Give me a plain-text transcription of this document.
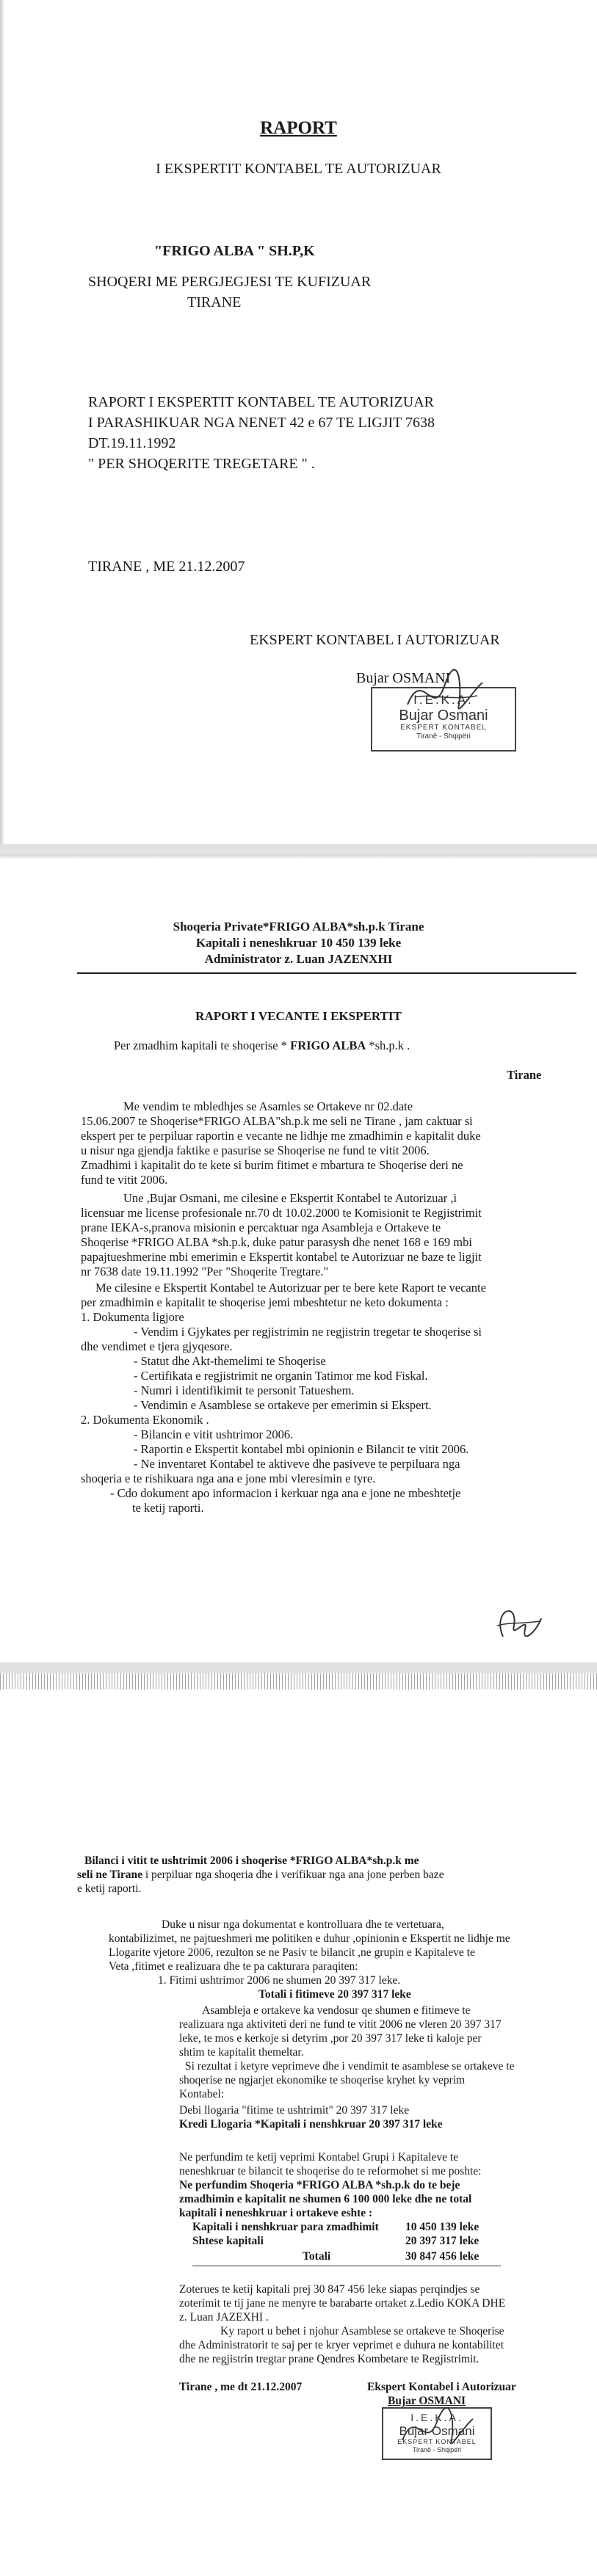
RAPORT
I EKSPERTIT KONTABEL TE AUTORIZUAR
"FRIGO ALBA " SH.P,K
SHOQERI ME PERGJEGJESI TE KUFIZUAR
TIRANE
RAPORT I EKSPERTIT KONTABEL TE AUTORIZUAR
I PARASHIKUAR NGA NENET 42 e 67 TE LIGJIT 7638
DT.19.11.1992
" PER SHOQERITE TREGETARE " .
TIRANE , ME 21.12.2007
EKSPERT KONTABEL I AUTORIZUAR
Bujar OSMANI
I.E.K.A.
Bujar Osmani
EKSPERT KONTABEL
Tiranë - Shqipëri
Shoqeria Private*FRIGO ALBA*sh.p.k Tirane
Kapitali i neneshkruar 10 450 139 leke
Administrator z. Luan JAZENXHI
RAPORT I VECANTE I EKSPERTIT
Per zmadhim kapitali te shoqerise * FRIGO ALBA *sh.p.k .
Tirane
Me vendim te mbledhjes se Asamles se Ortakeve nr 02.date
15.06.2007 te Shoqerise*FRIGO ALBA"sh.p.k me seli ne Tirane , jam caktuar si
ekspert per te perpiluar raportin e vecante ne lidhje me zmadhimin e kapitalit duke
u nisur nga gjendja faktike e pasurise se Shoqerise ne fund te vitit 2006.
Zmadhimi i kapitalit do te kete si burim fitimet e mbartura te Shoqerise deri ne
fund te vitit 2006.
Une ,Bujar Osmani, me cilesine e Ekspertit Kontabel te Autorizuar ,i
licensuar me license profesionale nr.70 dt 10.02.2000 te Komisionit te Regjistrimit
prane IEKA-s,pranova misionin e percaktuar nga Asambleja e Ortakeve te
Shoqerise *FRIGO ALBA *sh.p.k, duke patur parasysh dhe nenet 168 e 169 mbi
papajtueshmerine mbi emerimin e Ekspertit kontabel te Autorizuar ne baze te ligjit
nr 7638 date 19.11.1992 "Per "Shoqerite Tregtare."
Me cilesine e Ekspertit Kontabel te Autorizuar per te bere kete Raport te vecante
per zmadhimin e kapitalit te shoqerise jemi mbeshtetur ne keto dokumenta :
1. Dokumenta ligjore
- Vendim i Gjykates per regjistrimin ne regjistrin tregetar te shoqerise si
dhe vendimet e tjera gjyqesore.
- Statut dhe Akt-themelimi te Shoqerise
- Certifikata e regjistrimit ne organin Tatimor me kod Fiskal.
- Numri i identifikimit te personit Tatueshem.
- Vendimin e Asamblese se ortakeve per emerimin si Ekspert.
2. Dokumenta Ekonomik .
- Bilancin e vitit ushtrimor 2006.
- Raportin e Ekspertit kontabel mbi opinionin e Bilancit te vitit 2006.
- Ne inventaret Kontabel te aktiveve dhe pasiveve te perpiluara nga
shoqeria e te rishikuara nga ana e jone mbi vleresimin e tyre.
- Cdo dokument apo informacion i kerkuar nga ana e jone ne mbeshtetje
te ketij raporti.
Bilanci i vitit te ushtrimit 2006 i shoqerise *FRIGO ALBA*sh.p.k me
seli ne Tirane i perpiluar nga shoqeria dhe i verifikuar nga ana jone perben baze
e ketij raporti.
Duke u nisur nga dokumentat e kontrolluara dhe te vertetuara,
kontabilizimet, ne pajtueshmeri me politiken e duhur ,opinionin e Ekspertit ne lidhje me
Llogarite vjetore 2006, rezulton se ne Pasiv te bilancit ,ne grupin e Kapitaleve te
Veta ,fitimet e realizuara dhe te pa cakturara paraqiten:
1. Fitimi ushtrimor 2006 ne shumen 20 397 317 leke.
Totali i fitimeve 20 397 317 leke
Asambleja e ortakeve ka vendosur qe shumen e fitimeve te
realizuara nga aktiviteti deri ne fund te vitit 2006 ne vleren 20 397 317
leke, te mos e kerkoje si detyrim ,por 20 397 317 leke ti kaloje per
shtim te kapitalit themeltar.
Si rezultat i ketyre veprimeve dhe i vendimit te asamblese se ortakeve te
shoqerise ne ngjarjet ekonomike te shoqerise kryhet ky veprim
Kontabel:
Debi llogaria "fitime te ushtrimit" 20 397 317 leke
Kredi Llogaria *Kapitali i nenshkruar 20 397 317 leke
Ne perfundim te ketij veprimi Kontabel Grupi i Kapitaleve te
neneshkruar te bilancit te shoqerise do te reformohet si me poshte:
Ne perfundim Shoqeria *FRIGO ALBA *sh.p.k do te beje
zmadhimin e kapitalit ne shumen 6 100 000 leke dhe ne total
kapitali i neneshkruar i ortakeve eshte :
Kapitali i nenshkruar para zmadhimit 10 450 139 leke
Shtese kapitali	20 397 317 leke
Totali	30 847 456 leke
Zoterues te ketij kapitali prej 30 847 456 leke siapas perqindjes se
zoterimit te tij jane ne menyre te barabarte ortaket z.Ledio KOKA DHE
z. Luan JAZEXHI .
Ky raport u behet i njohur Asamblese se ortakeve te Shoqerise
dhe Administratorit te saj per te kryer veprimet e duhura ne kontabilitet
dhe ne regjistrin tregtar prane Qendres Kombetare te Regjistrimit.
Tirane , me dt 21.12.2007	Ekspert Kontabel i Autorizuar
Bujar OSMANI
I.E.K.A.
Bujar Osmani
EKSPERT KONTABEL
Tiranë - Shqipëri
